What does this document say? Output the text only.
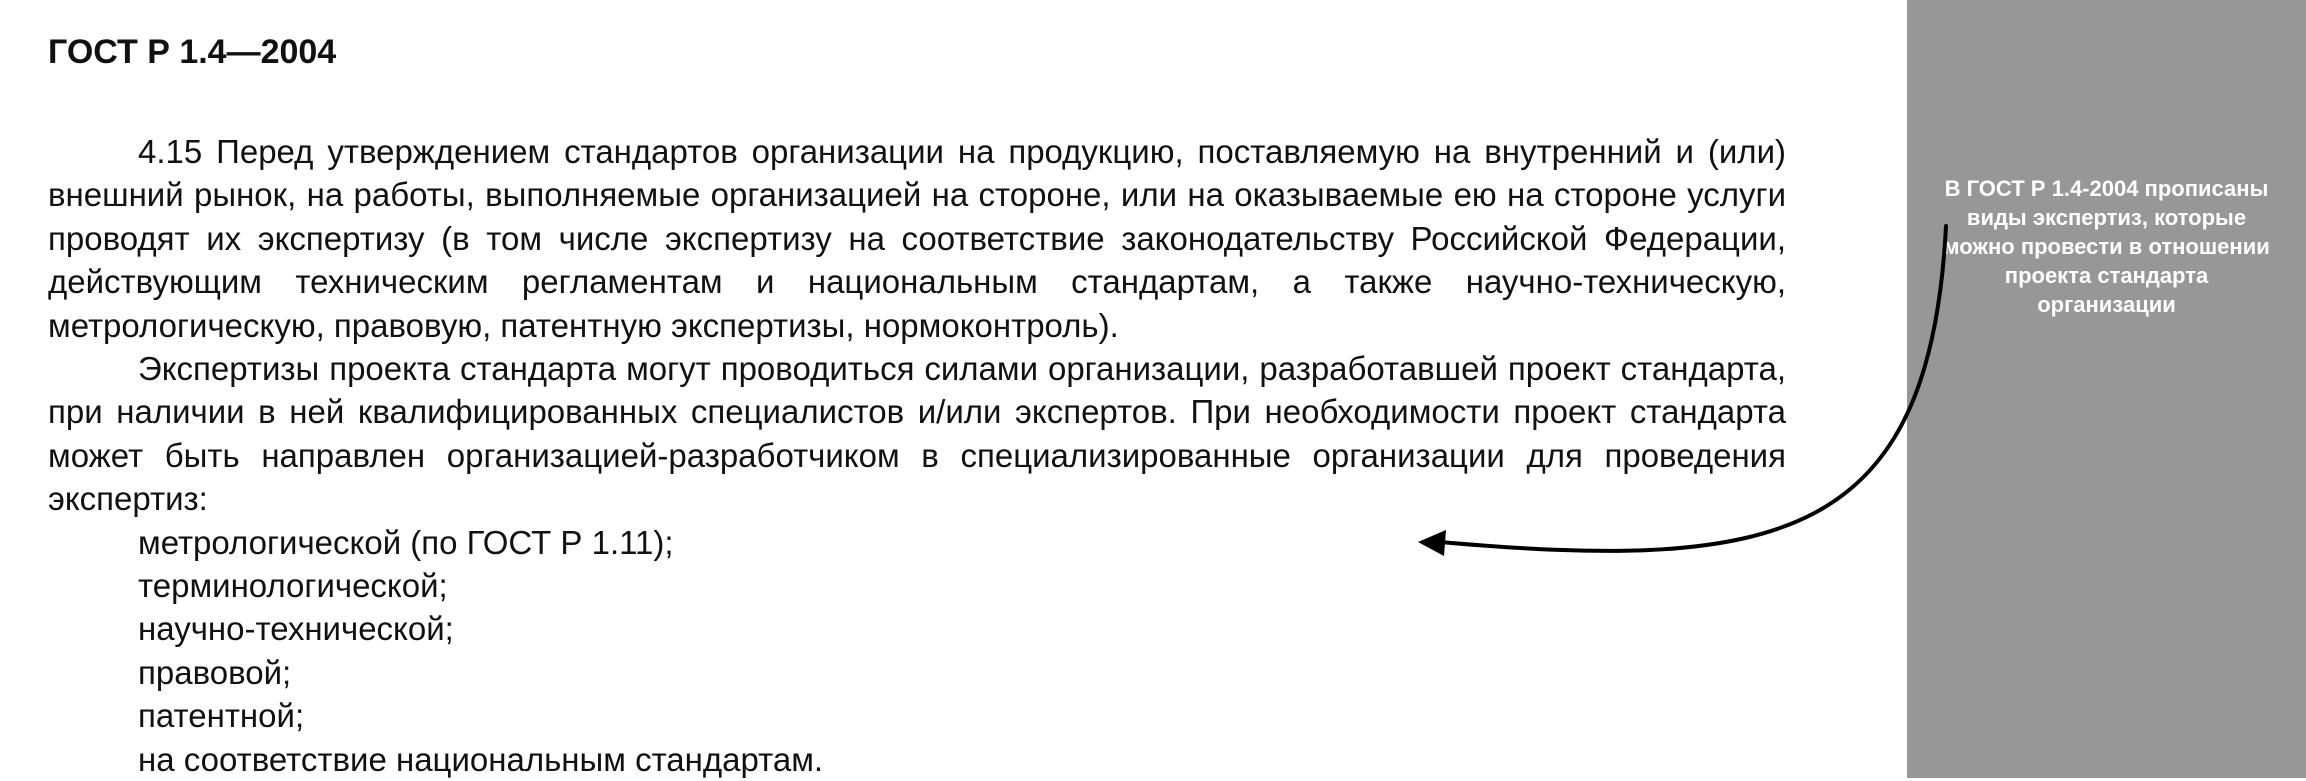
ГОСТ Р 1.4—2004

4.15 Перед утверждением стандартов организации на продукцию, поставляемую на внутренний и (или) внешний рынок, на работы, выполняемые организацией на стороне, или на оказываемые ею на стороне услуги проводят их экспертизу (в том числе экспертизу на соответствие законодательству Российской Федерации, действующим техническим регламентам и национальным стандартам, а также научно-техническую, метрологическую, правовую, патентную экспертизы, нормоконтроль).

Экспертизы проекта стандарта могут проводиться силами организации, разработавшей проект стандарта, при наличии в ней квалифицированных специалистов и/или экспертов. При необходимости проект стандарта может быть направлен организацией-разработчиком в специализированные организации для проведения экспертиз:

метрологической (по ГОСТ Р 1.11);
терминологической;
научно-технической;
правовой;
патентной;
на соответствие национальным стандартам.
В ГОСТ Р 1.4-2004 прописаны виды экспертиз, которые можно провести в отношении проекта стандарта организации
